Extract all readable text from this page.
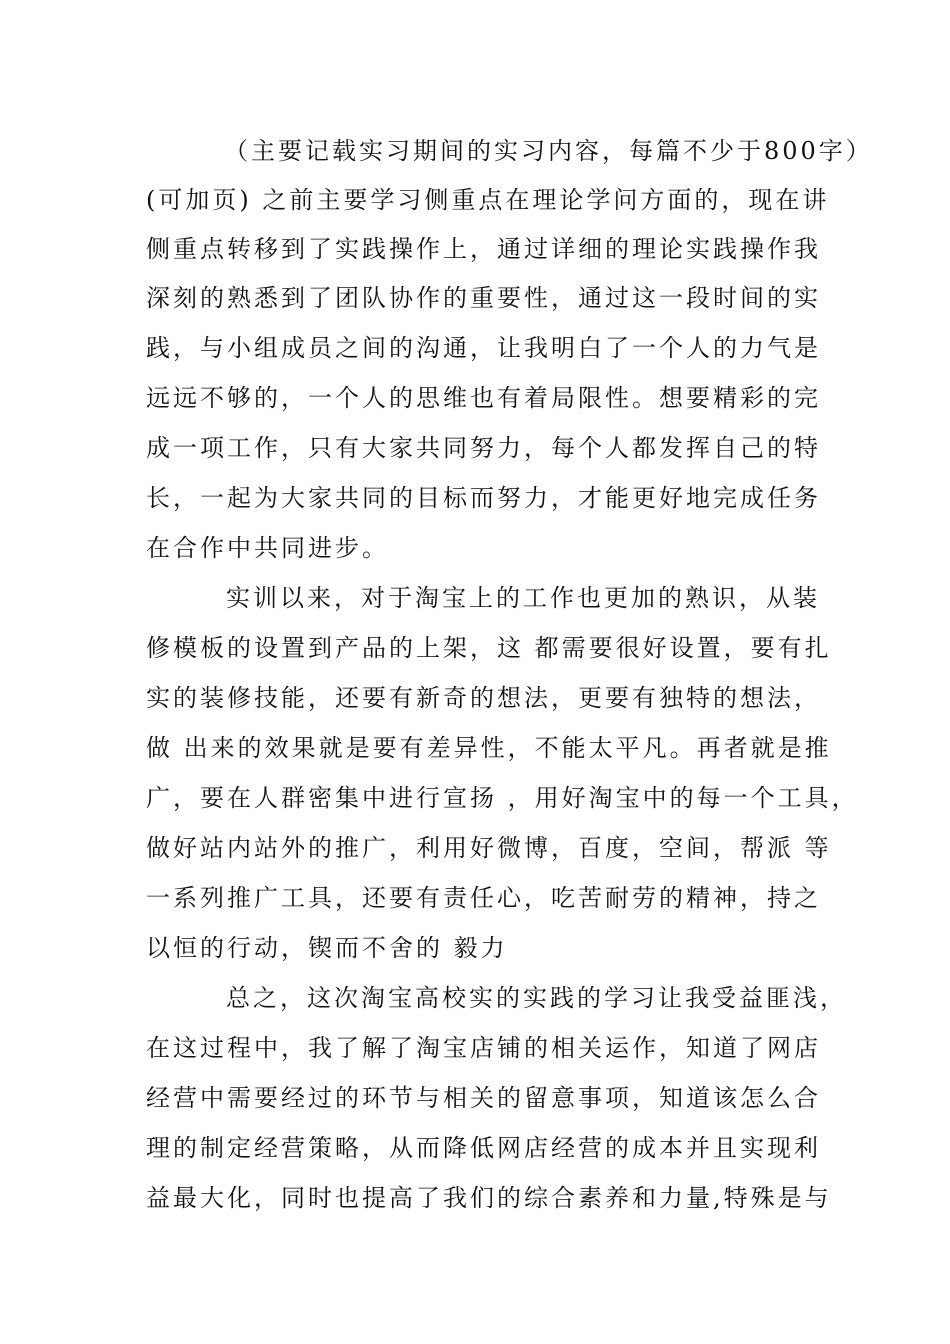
（主要记载实习期间的实习内容，每篇不少于800字）
(可加页) 之前主要学习侧重点在理论学问方面的，现在讲
侧重点转移到了实践操作上，通过详细的理论实践操作我
深刻的熟悉到了团队协作的重要性，通过这一段时间的实
践，与小组成员之间的沟通，让我明白了一个人的力气是
远远不够的，一个人的思维也有着局限性。想要精彩的完
成一项工作，只有大家共同努力，每个人都发挥自己的特
长，一起为大家共同的目标而努力，才能更好地完成任务
在合作中共同进步。
实训以来，对于淘宝上的工作也更加的熟识，从装
修模板的设置到产品的上架，这 都需要很好设置，要有扎
实的装修技能，还要有新奇的想法，更要有独特的想法，
做 出来的效果就是要有差异性，不能太平凡。再者就是推
广，要在人群密集中进行宣扬 ，用好淘宝中的每一个工具，
做好站内站外的推广，利用好微博，百度，空间，帮派 等
一系列推广工具，还要有责任心，吃苦耐劳的精神，持之
以恒的行动，锲而不舍的 毅力
总之，这次淘宝高校实的实践的学习让我受益匪浅，
在这过程中，我了解了淘宝店铺的相关运作，知道了网店
经营中需要经过的环节与相关的留意事项，知道该怎么合
理的制定经营策略，从而降低网店经营的成本并且实现利
益最大化，同时也提高了我们的综合素养和力量,特殊是与
